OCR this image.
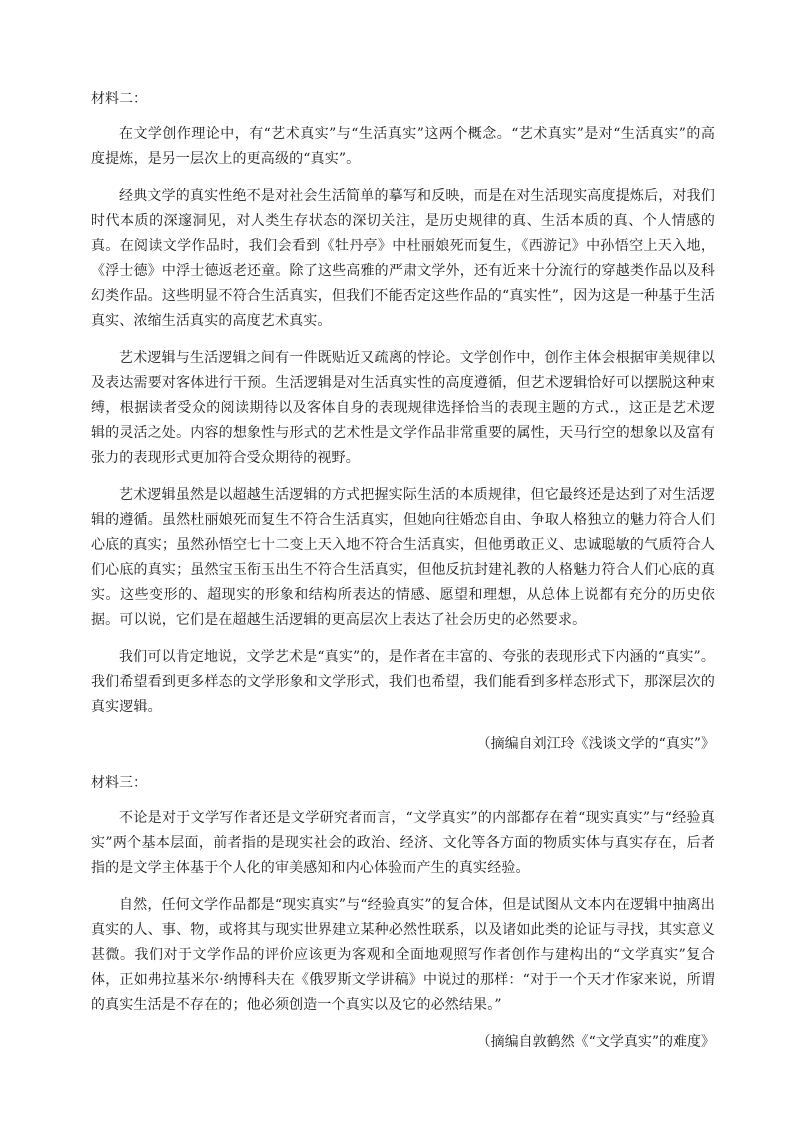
材料二：

在文学创作理论中，有“艺术真实”与“生活真实”这两个概念。“艺术真实”是对“生活真实”的高度提炼，是另一层次上的更高级的“真实”。

经典文学的真实性绝不是对社会生活简单的摹写和反映，而是在对生活现实高度提炼后，对我们时代本质的深邃洞见，对人类生存状态的深切关注，是历史规律的真、生活本质的真、个人情感的真。在阅读文学作品时，我们会看到《牡丹亭》中杜丽娘死而复生，《西游记》中孙悟空上天入地，《浮士德》中浮士德返老还童。除了这些高雅的严肃文学外，还有近来十分流行的穿越类作品以及科幻类作品。这些明显不符合生活真实，但我们不能否定这些作品的“真实性”，因为这是一种基于生活真实、浓缩生活真实的高度艺术真实。

艺术逻辑与生活逻辑之间有一件既贴近又疏离的悖论。文学创作中，创作主体会根据审美规律以及表达需要对客体进行干预。生活逻辑是对生活真实性的高度遵循，但艺术逻辑恰好可以摆脱这种束缚，根据读者受众的阅读期待以及客体自身的表现规律选择恰当的表现主题的方式.，这正是艺术逻辑的灵活之处。内容的想象性与形式的艺术性是文学作品非常重要的属性，天马行空的想象以及富有张力的表现形式更加符合受众期待的视野。

艺术逻辑虽然是以超越生活逻辑的方式把握实际生活的本质规律，但它最终还是达到了对生活逻辑的遵循。虽然杜丽娘死而复生不符合生活真实，但她向往婚恋自由、争取人格独立的魅力符合人们心底的真实；虽然孙悟空七十二变上天入地不符合生活真实，但他勇敢正义、忠诚聪敏的气质符合人们心底的真实；虽然宝玉衔玉出生不符合生活真实，但他反抗封建礼教的人格魅力符合人们心底的真实。这些变形的、超现实的形象和结构所表达的情感、愿望和理想，从总体上说都有充分的历史依据。可以说，它们是在超越生活逻辑的更高层次上表达了社会历史的必然要求。

我们可以肯定地说，文学艺术是“真实”的，是作者在丰富的、夸张的表现形式下内涵的“真实”。我们希望看到更多样态的文学形象和文学形式，我们也希望，我们能看到多样态形式下，那深层次的真实逻辑。

（摘编自刘江玲《浅谈文学的“真实”》

材料三：

不论是对于文学写作者还是文学研究者而言，“文学真实”的内部都存在着“现实真实”与“经验真实”两个基本层面，前者指的是现实社会的政治、经济、文化等各方面的物质实体与真实存在，后者指的是文学主体基于个人化的审美感知和内心体验而产生的真实经验。

自然，任何文学作品都是“现实真实”与“经验真实”的复合体，但是试图从文本内在逻辑中抽离出真实的人、事、物，或将其与现实世界建立某种必然性联系，以及诸如此类的论证与寻找，其实意义甚微。我们对于文学作品的评价应该更为客观和全面地观照写作者创作与建构出的“文学真实”复合体，正如弗拉基米尔·纳博科夫在《俄罗斯文学讲稿》中说过的那样：“对于一个天才作家来说，所谓的真实生活是不存在的；他必须创造一个真实以及它的必然结果。”

（摘编自敦鹤然《“文学真实”的难度》
